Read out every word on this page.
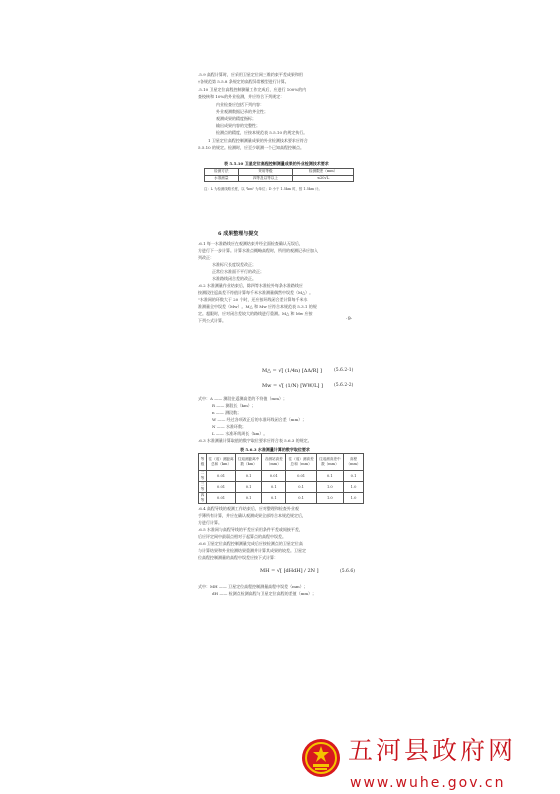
.5.9 高程计算时，应采用卫星定位网三维约束平差成果和用
†各规范第 5.5.8 条规定的高程异常模型进行计算。
.5.10 卫星定位高程控制测量工作完成后，应进行 100%的内
查校核和 10%的外业检测，并应符合下列规定：
内业检查应包括下列内容：
外业观测数据记录的齐全性；
观测成果的精度指标；
输出成果内容的完整性；
检测点的精度，应按本规范表 5.5.10 的规定执行。
1 卫星定位高程控制测量成果的外业检测技术要求应符合
5.5.10 的规定。检测时，应至少联测一个已知高程控制点。
表 5.5.10 卫星定位高程控制测量成果的外业检测技术要求
检测方法	采用等级	检测限差（mm）
水准测量	四等及以等以上	≤20√L
注：L 为检测线路长度，以 "km" 为单位；D 小于 1.5km 时，按 1.5km 计。
6 成果整理与提交
.6.1 每一水准路线应在观测结束并经全面检查确认无误后，
方进行下一步计算。计算水准点概略高程时，所用的观测记录应加入
列改正：
水准标尺长度误差改正；
正常位水准面不平行的改正；
水准路线闭合差的改正。
.6.2 水准测量作业结束后，除四等水准检外每条水准路线应
按测段往返高差不符值计算每千米水准测量偶然中误差（M△）。
"水准网的环数大于 20 个时，还应按环线闭合差计算每千米水
准测量全中误差（Mw）。M△ 和 Mw 应符合本规范表 5.3.1 的规
定。超限时，应对闭合差较大的路线进行重测。M△ 和 Mw 应按
下列公式计算。	·9·
M△ = √[ (1/4n) [ΔΔ/R] ]	(5.6.2-1)
Mw = √[ (1/N) [WW/L] ] (5.6.2-2)
式中：Δ —— 测段往返测高差的不符值（mm）；
R —— 测段长（km）；
n —— 测段数；
W —— 经过各项改正后的水准环线闭合差（mm）；
N —— 水准环数；
L —— 水准环线周长（km）。
.6.3 水准测量计算取值的数字取位要求应符合表 5.6.3 的规定。
表 5.6.3 水准测量计算的数字取位要求
等级	往（返）测距离总和（km）	往返测距离中数（km）	各测站高差（mm）	往（返）测高差总和（mm）	往返测高差中数（mm）	高程（mm）
二等	0.01	0.1	0.01	0.01	0.1	0.1
三等	0.01	0.1	0.1	0.1	1.0	1.0
四等	0.01	0.1	0.1	0.1	1.0	1.0
.6.4 高程导线的观测工作结束后，应对整理和检查外业观
手簿所有计算，并应在确认观测成果全部符合本规范规定后，
方进行计算。
.6.5 水准网与高程导线的平差应采用条件平差或间接平差，
后应评定网中最弱点相对于起算点的高程中误差。
.6.6 卫星定位高程控制测量完成后应按检测点的卫星定位高
与计算结果和外业检测结果重测并计算其成果的较差。卫星定
位高程控制测量的高程中误差应按下式计算：
MH = √[ [dHdH] / 2N ]	(5.6.6)
式中：MH —— 卫星定位高程控制测量高程中误差（mm）；
dH —— 检测点检测高程与卫星定位高程的差值（mm）；
五河县政府网
www.wuhe.gov.cn
